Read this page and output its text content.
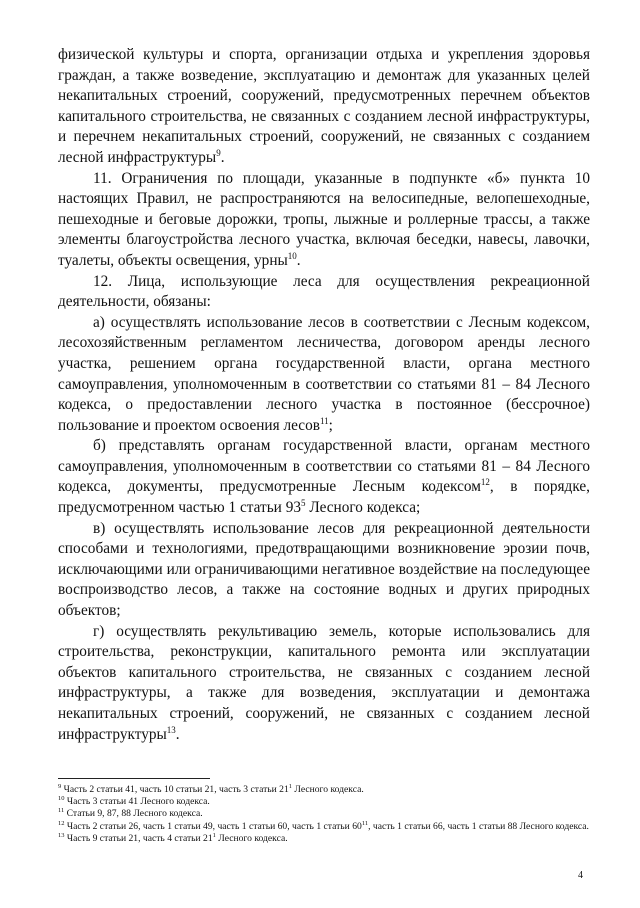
физической культуры и спорта, организации отдыха и укрепления здоровья граждан, а также возведение, эксплуатацию и демонтаж для указанных целей некапитальных строений, сооружений, предусмотренных перечнем объектов капитального строительства, не связанных с созданием лесной инфраструктуры, и перечнем некапитальных строений, сооружений, не связанных с созданием лесной инфраструктуры$^9$.

11. Ограничения по площади, указанные в подпункте «б» пункта 10 настоящих Правил, не распространяются на велосипедные, велопешеходные, пешеходные и беговые дорожки, тропы, лыжные и роллерные трассы, а также элементы благоустройства лесного участка, включая беседки, навесы, лавочки, туалеты, объекты освещения, урны$^{10}$.

12. Лица, использующие леса для осуществления рекреационной деятельности, обязаны:

а) осуществлять использование лесов в соответствии с Лесным кодексом, лесохозяйственным регламентом лесничества, договором аренды лесного участка, решением органа государственной власти, органа местного самоуправления, уполномоченным в соответствии со статьями 81 – 84 Лесного кодекса, о предоставлении лесного участка в постоянное (бессрочное) пользование и проектом освоения лесов$^{11}$;

б) представлять органам государственной власти, органам местного самоуправления, уполномоченным в соответствии со статьями 81 – 84 Лесного кодекса, документы, предусмотренные Лесным кодексом$^{12}$, в порядке, предусмотренном частью 1 статьи $93^5$ Лесного кодекса;

в) осуществлять использование лесов для рекреационной деятельности способами и технологиями, предотвращающими возникновение эрозии почв, исключающими или ограничивающими негативное воздействие на последующее воспроизводство лесов, а также на состояние водных и других природных объектов;

г) осуществлять рекультивацию земель, которые использовались для строительства, реконструкции, капитального ремонта или эксплуатации объектов капитального строительства, не связанных с созданием лесной инфраструктуры, а также для возведения, эксплуатации и демонтажа некапитальных строений, сооружений, не связанных с созданием лесной инфраструктуры$^{13}$.

$^9$ Часть 2 статьи 41, часть 10 статьи 21, часть 3 статьи $21^1$ Лесного кодекса.

$^{10}$ Часть 3 статьи 41 Лесного кодекса.

$^{11}$ Статьи 9, 87, 88 Лесного кодекса.

$^{12}$ Часть 2 статьи 26, часть 1 статьи 49, часть 1 статьи 60, часть 1 статьи $60^{11}$, часть 1 статьи 66, часть 1 статьи 88 Лесного кодекса.

$^{13}$ Часть 9 статьи 21, часть 4 статьи $21^1$ Лесного кодекса.

4
